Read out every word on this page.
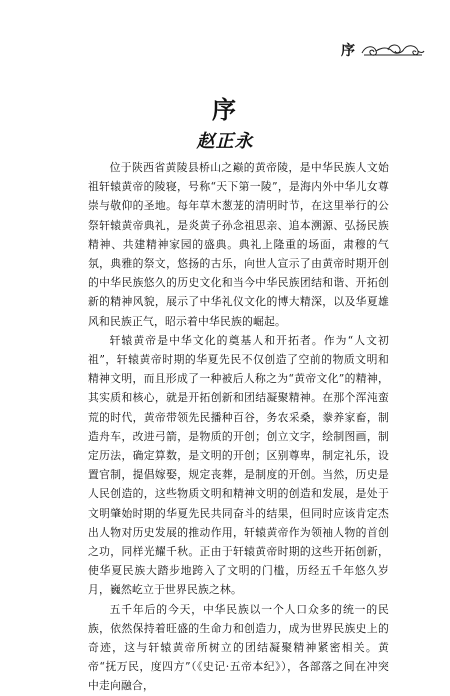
序
序
赵正永

位于陕西省黄陵县桥山之巅的黄帝陵，是中华民族人文始祖轩辕黄帝的陵寝，号称“天下第一陵”，是海内外中华儿女尊崇与敬仰的圣地。每年草木葱茏的清明时节，在这里举行的公祭轩辕黄帝典礼，是炎黄子孙念祖思亲、追本溯源、弘扬民族精神、共建精神家园的盛典。典礼上隆重的场面，肃穆的气氛，典雅的祭文，悠扬的古乐，向世人宣示了由黄帝时期开创的中华民族悠久的历史文化和当今中华民族团结和谐、开拓创新的精神风貌，展示了中华礼仪文化的博大精深，以及华夏雄风和民族正气，昭示着中华民族的崛起。

轩辕黄帝是中华文化的奠基人和开拓者。作为“人文初祖”，轩辕黄帝时期的华夏先民不仅创造了空前的物质文明和精神文明，而且形成了一种被后人称之为“黄帝文化”的精神，其实质和核心，就是开拓创新和团结凝聚精神。在那个浑沌蛮荒的时代，黄帝带领先民播种百谷，务农采桑，豢养家畜，制造舟车，改进弓箭，是物质的开创；创立文字，绘制图画，制定历法，确定算数，是文明的开创；区别尊卑，制定礼乐，设置官制，提倡嫁娶，规定丧葬，是制度的开创。当然，历史是人民创造的，这些物质文明和精神文明的创造和发展，是处于文明肇始时期的华夏先民共同奋斗的结果，但同时应该肯定杰出人物对历史发展的推动作用，轩辕黄帝作为领袖人物的首创之功，同样光耀千秋。正由于轩辕黄帝时期的这些开拓创新，使华夏民族大踏步地跨入了文明的门槛，历经五千年悠久岁月，巍然屹立于世界民族之林。

五千年后的今天，中华民族以一个人口众多的统一的民族，依然保持着旺盛的生命力和创造力，成为世界民族史上的奇迹，这与轩辕黄帝所树立的团结凝聚精神紧密相关。黄帝“抚万民，度四方”（《史记·五帝本纪》），各部落之间在冲突中走向融合，
